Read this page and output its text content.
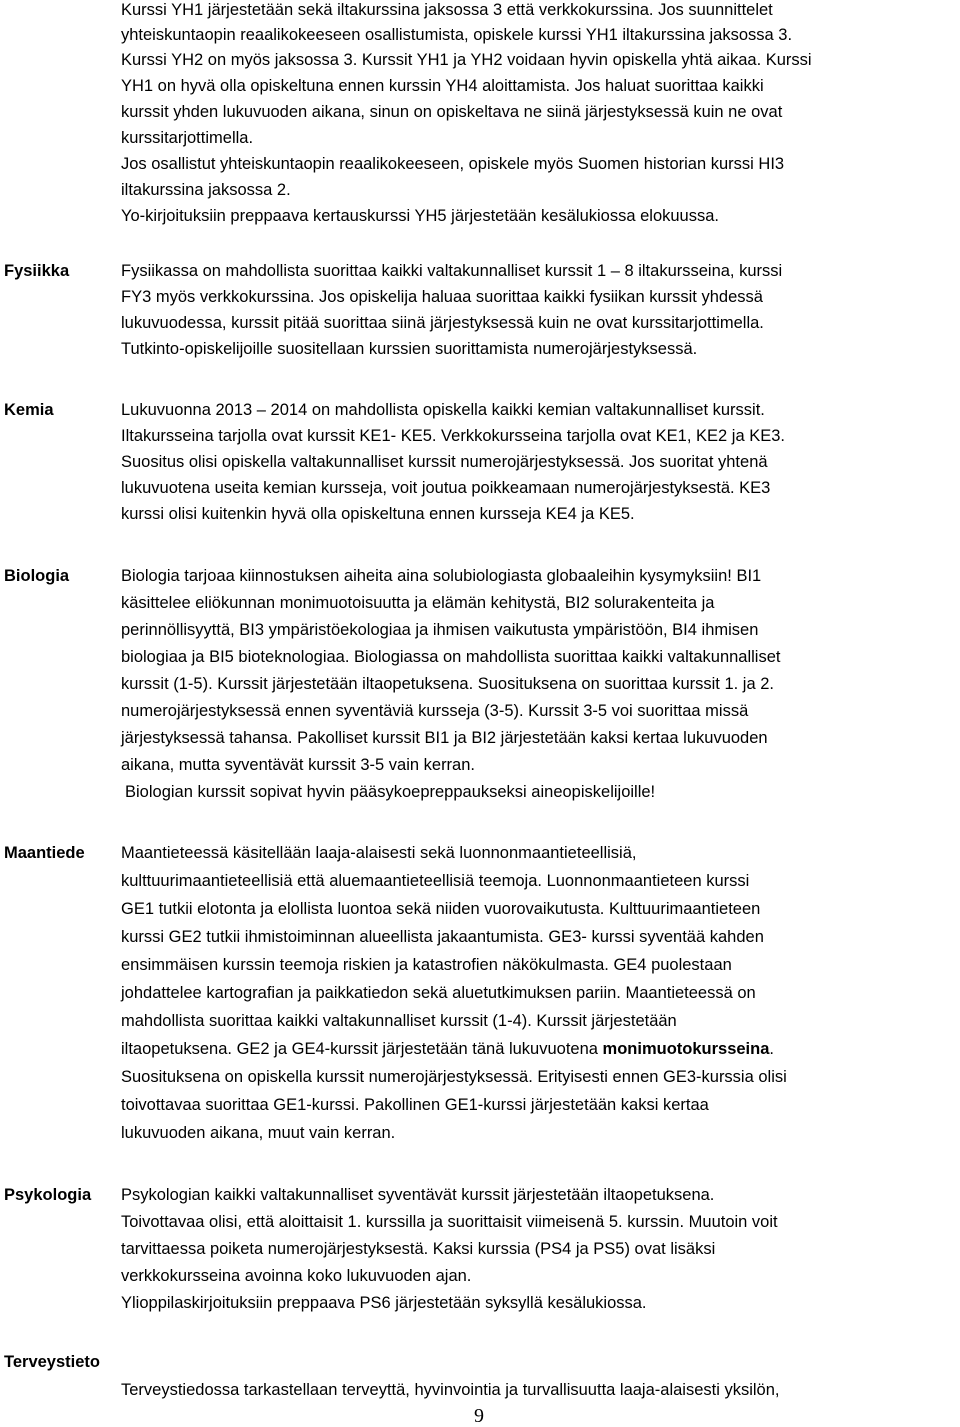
Kurssi YH1 järjestetään sekä iltakurssina jaksossa 3 että verkkokurssina. Jos suunnittelet
yhteiskuntaopin reaalikokeeseen osallistumista, opiskele kurssi YH1 iltakurssina jaksossa 3.
Kurssi YH2 on myös jaksossa 3. Kurssit YH1 ja YH2 voidaan hyvin opiskella yhtä aikaa. Kurssi
YH1 on hyvä olla opiskeltuna ennen kurssin YH4 aloittamista. Jos haluat suorittaa kaikki
kurssit yhden lukuvuoden aikana, sinun on opiskeltava ne siinä järjestyksessä kuin ne ovat
kurssitarjottimella.
Jos osallistut yhteiskuntaopin reaalikokeeseen, opiskele myös Suomen historian kurssi HI3
iltakurssina jaksossa 2.
Yo-kirjoituksiin preppaava kertauskurssi YH5 järjestetään kesälukiossa elokuussa.
Fysiikka	Fysiikassa on mahdollista suorittaa kaikki valtakunnalliset kurssit 1 – 8 iltakursseina, kurssi
FY3 myös verkkokurssina. Jos opiskelija haluaa suorittaa kaikki fysiikan kurssit yhdessä
lukuvuodessa, kurssit pitää suorittaa siinä järjestyksessä kuin ne ovat kurssitarjottimella.
Tutkinto-opiskelijoille suositellaan kurssien suorittamista numerojärjestyksessä.
Kemia	Lukuvuonna 2013 – 2014 on mahdollista opiskella kaikki kemian valtakunnalliset kurssit.
Iltakursseina tarjolla ovat kurssit KE1- KE5. Verkkokursseina tarjolla ovat KE1, KE2 ja KE3.
Suositus olisi opiskella valtakunnalliset kurssit numerojärjestyksessä. Jos suoritat yhtenä
lukuvuotena useita kemian kursseja, voit joutua poikkeamaan numerojärjestyksestä. KE3
kurssi olisi kuitenkin hyvä olla opiskeltuna ennen kursseja KE4 ja KE5.
Biologia	Biologia tarjoaa kiinnostuksen aiheita aina solubiologiasta globaaleihin kysymyksiin! BI1
käsittelee eliökunnan monimuotoisuutta ja elämän kehitystä, BI2 solurakenteita ja
perinnöllisyyttä, BI3 ympäristöekologiaa ja ihmisen vaikutusta ympäristöön, BI4 ihmisen
biologiaa ja BI5 bioteknologiaa. Biologiassa on mahdollista suorittaa kaikki valtakunnalliset
kurssit (1-5). Kurssit järjestetään iltaopetuksena. Suosituksena on suorittaa kurssit 1. ja 2.
numerojärjestyksessä ennen syventäviä kursseja (3-5). Kurssit 3-5 voi suorittaa missä
järjestyksessä tahansa. Pakolliset kurssit BI1 ja BI2 järjestetään kaksi kertaa lukuvuoden
aikana, mutta syventävät kurssit 3-5 vain kerran.
Biologian kurssit sopivat hyvin pääsykoepreppaukseksi aineopiskelijoille!
Maantiede Maantieteessä käsitellään laaja-alaisesti sekä luonnonmaantieteellisiä,
kulttuurimaantieteellisiä että aluemaantieteellisiä teemoja. Luonnonmaantieteen kurssi
GE1 tutkii elotonta ja elollista luontoa sekä niiden vuorovaikutusta. Kulttuurimaantieteen
kurssi GE2 tutkii ihmistoiminnan alueellista jakaantumista. GE3- kurssi syventää kahden
ensimmäisen kurssin teemoja riskien ja katastrofien näkökulmasta. GE4 puolestaan
johdattelee kartografian ja paikkatiedon sekä aluetutkimuksen pariin. Maantieteessä on
mahdollista suorittaa kaikki valtakunnalliset kurssit (1-4). Kurssit järjestetään
iltaopetuksena. GE2 ja GE4-kurssit järjestetään tänä lukuvuotena monimuotokursseina.
Suosituksena on opiskella kurssit numerojärjestyksessä. Erityisesti ennen GE3-kurssia olisi
toivottavaa suorittaa GE1-kurssi. Pakollinen GE1-kurssi järjestetään kaksi kertaa
lukuvuoden aikana, muut vain kerran.
Psykologia Psykologian kaikki valtakunnalliset syventävät kurssit järjestetään iltaopetuksena.
Toivottavaa olisi, että aloittaisit 1. kurssilla ja suorittaisit viimeisenä 5. kurssin. Muutoin voit
tarvittaessa poiketa numerojärjestyksestä. Kaksi kurssia (PS4 ja PS5) ovat lisäksi
verkkokursseina avoinna koko lukuvuoden ajan.
Ylioppilaskirjoituksiin preppaava PS6 järjestetään syksyllä kesälukiossa.
Terveystieto
Terveystiedossa tarkastellaan terveyttä, hyvinvointia ja turvallisuutta laaja-alaisesti yksilön,
9
